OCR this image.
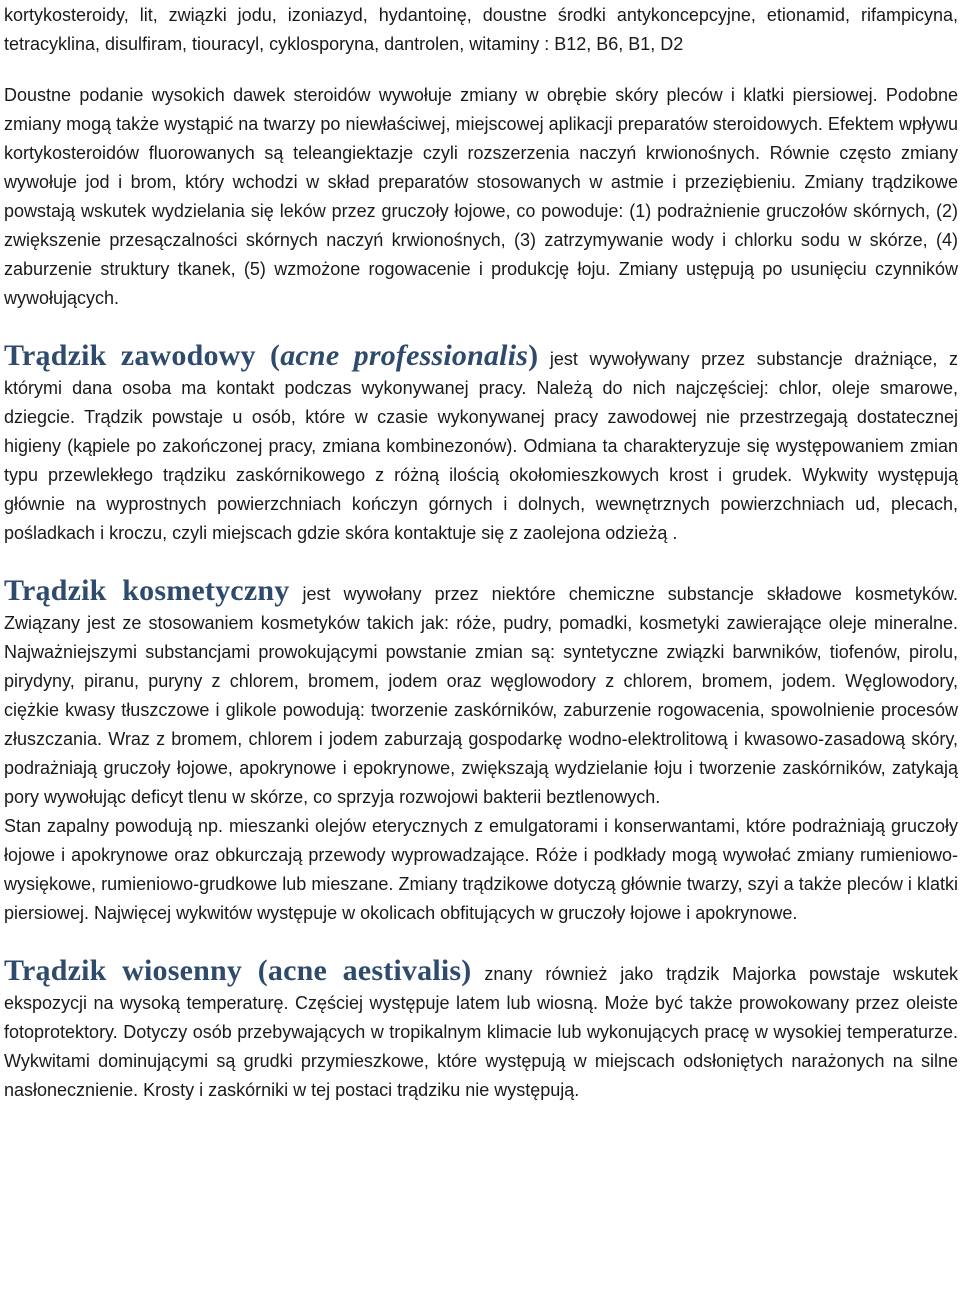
kortykosteroidy, lit, związki jodu, izoniazyd, hydantoinę, doustne środki antykoncepcyjne, etionamid, rifampicyna, tetracyklina, disulfiram, tiouracyl, cyklosporyna, dantrolen, witaminy : B12, B6, B1, D2

Doustne podanie wysokich dawek steroidów wywołuje zmiany w obrębie skóry pleców i klatki piersiowej. Podobne zmiany mogą także wystąpić na twarzy po niewłaściwej, miejscowej aplikacji preparatów steroidowych. Efektem wpływu kortykosteroidów fluorowanych są teleangiektazje czyli rozszerzenia naczyń krwionośnych. Równie często zmiany wywołuje jod i brom, który wchodzi w skład preparatów stosowanych w astmie i przeziębieniu. Zmiany trądzikowe powstają wskutek wydzielania się leków przez gruczoły łojowe, co powoduje: (1) podrażnienie gruczołów skórnych, (2) zwiększenie przesączalności skórnych naczyń krwionośnych, (3) zatrzymywanie wody i chlorku sodu w skórze, (4) zaburzenie struktury tkanek, (5) wzmożone rogowacenie i produkcję łoju. Zmiany ustępują po usunięciu czynników wywołujących.

Trądzik zawodowy (acne professionalis) jest wywoływany przez substancje drażniące, z którymi dana osoba ma kontakt podczas wykonywanej pracy. Należą do nich najczęściej: chlor, oleje smarowe, dziegcie. Trądzik powstaje u osób, które w czasie wykonywanej pracy zawodowej nie przestrzegają dostatecznej higieny (kąpiele po zakończonej pracy, zmiana kombinezonów). Odmiana ta charakteryzuje się występowaniem zmian typu przewlekłego trądziku zaskórnikowego z różną ilością okołomieszkowych krost i grudek. Wykwity występują głównie na wyprostnych powierzchniach kończyn górnych i dolnych, wewnętrznych powierzchniach ud, plecach, pośladkach i kroczu, czyli miejscach gdzie skóra kontaktuje się z zaolejona odzieżą .

Trądzik kosmetyczny jest wywołany przez niektóre chemiczne substancje składowe kosmetyków. Związany jest ze stosowaniem kosmetyków takich jak: róże, pudry, pomadki, kosmetyki zawierające oleje mineralne. Najważniejszymi substancjami prowokującymi powstanie zmian są: syntetyczne związki barwników, tiofenów, pirolu, pirydyny, piranu, puryny z chlorem, bromem, jodem oraz węglowodory z chlorem, bromem, jodem. Węglowodory, ciężkie kwasy tłuszczowe i glikole powodują: tworzenie zaskórników, zaburzenie rogowacenia, spowolnienie procesów złuszczania. Wraz z bromem, chlorem i jodem zaburzają gospodarkę wodno-elektrolitową i kwasowo-zasadową skóry, podrażniają gruczoły łojowe, apokrynowe i epokrynowe, zwiększają wydzielanie łoju i tworzenie zaskórników, zatykają pory wywołując deficyt tlenu w skórze, co sprzyja rozwojowi bakterii beztlenowych.

Stan zapalny powodują np. mieszanki olejów eterycznych z emulgatorami i konserwantami, które podrażniają gruczoły łojowe i apokrynowe oraz obkurczają przewody wyprowadzające. Róże i podkłady mogą wywołać zmiany rumieniowo-wysiękowe, rumieniowo-grudkowe lub mieszane. Zmiany trądzikowe dotyczą głównie twarzy, szyi a także pleców i klatki piersiowej. Najwięcej wykwitów występuje w okolicach obfitujących w gruczoły łojowe i apokrynowe.

Trądzik wiosenny (acne aestivalis) znany również jako trądzik Majorka powstaje wskutek ekspozycji na wysoką temperaturę. Częściej występuje latem lub wiosną. Może być także prowokowany przez oleiste fotoprotektory. Dotyczy osób przebywających w tropikalnym klimacie lub wykonujących pracę w wysokiej temperaturze. Wykwitami dominującymi są grudki przymieszkowe, które występują w miejscach odsłoniętych narażonych na silne nasłonecznienie. Krosty i zaskórniki w tej postaci trądziku nie występują.
